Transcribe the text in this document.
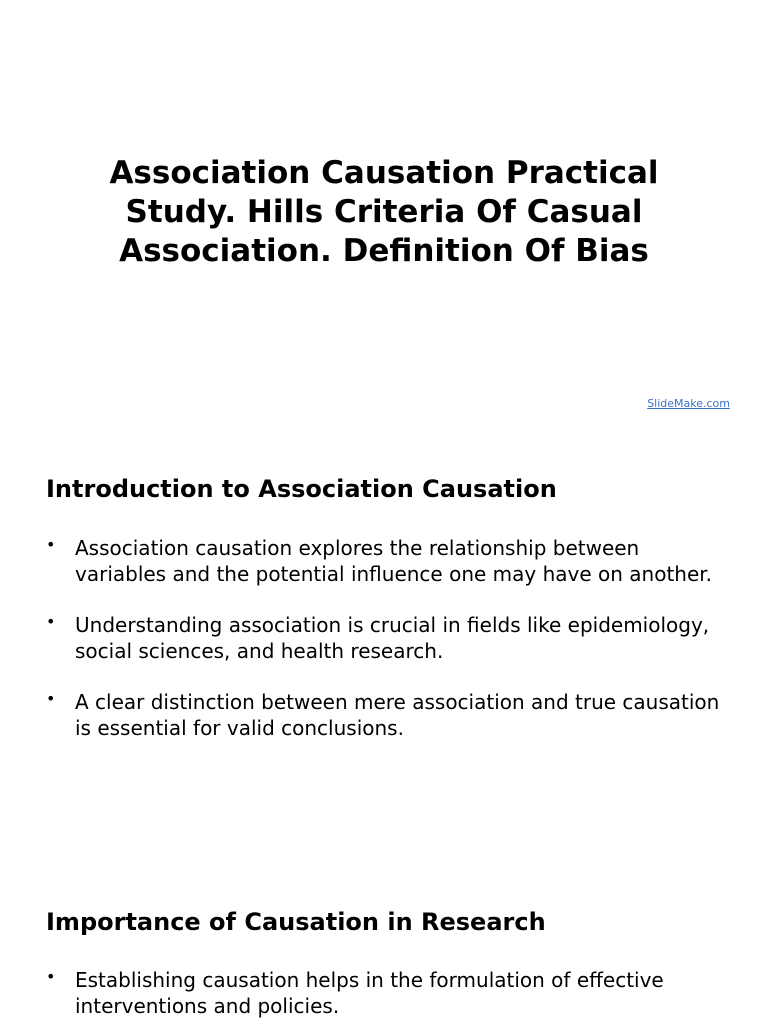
Association Causation Practical
Study. Hills Criteria Of Casual
Association. Definition Of Bias
SlideMake.com
Introduction to Association Causation
• Association causation explores the relationship between variables and the potential influence one may have on another.
• Understanding association is crucial in fields like epidemiology, social sciences, and health research.
• A clear distinction between mere association and true causation is essential for valid conclusions.
Importance of Causation in Research
• Establishing causation helps in the formulation of effective interventions and policies.
